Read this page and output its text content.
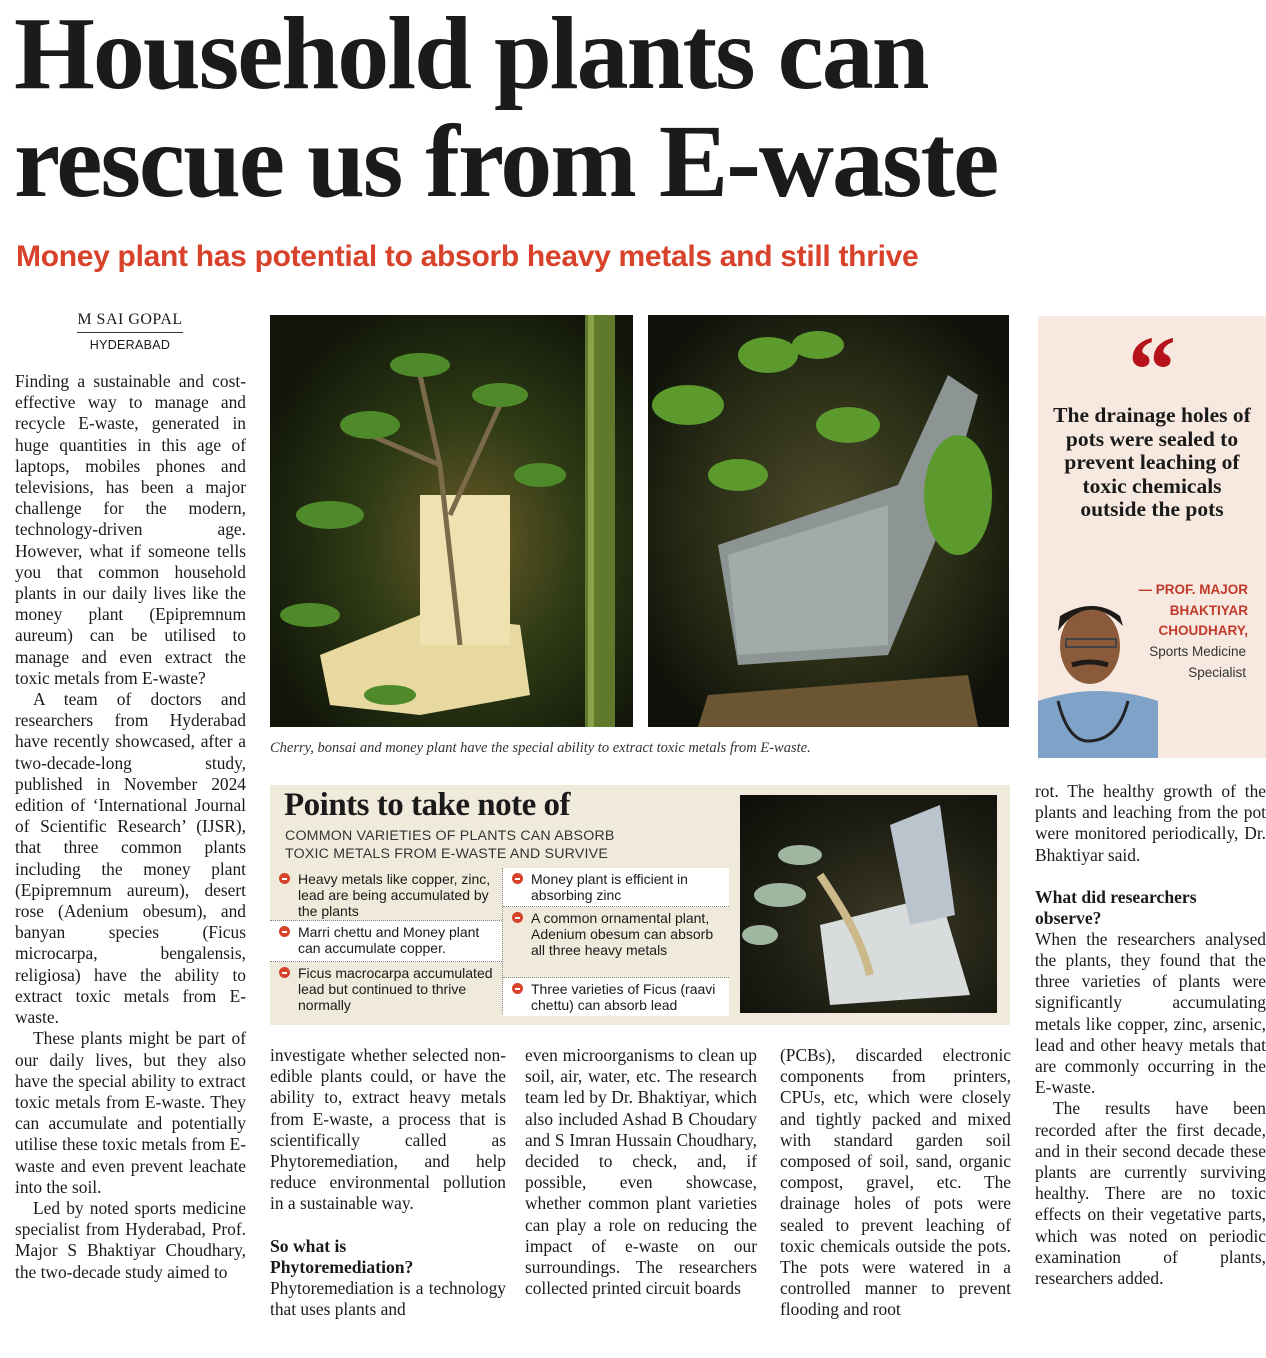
Household plants can
rescue us from E-waste
Money plant has potential to absorb heavy metals and still thrive
M SAI GOPAL
HYDERABAD

Finding a sustainable and cost-effective way to manage and recycle E-waste, generated in huge quantities in this age of laptops, mobiles phones and televisions, has been a major challenge for the modern, technology-driven age. However, what if someone tells you that common household plants in our daily lives like the money plant (Epipremnum aureum) can be utilised to manage and even extract the toxic metals from E-waste?

A team of doctors and researchers from Hyderabad have recently showcased, after a two-decade-long study, published in November 2024 edition of ‘International Journal of Scientific Research’ (IJSR), that three common plants including the money plant (Epipremnum aureum), desert rose (Adenium obesum), and banyan species (Ficus microcarpa, bengalensis, religiosa) have the ability to extract toxic metals from E-waste.

These plants might be part of our daily lives, but they also have the special ability to extract toxic metals from E-waste. They can accumulate and potentially utilise these toxic metals from E-waste and even prevent leachate into the soil.

Led by noted sports medicine specialist from Hyderabad, Prof. Major S Bhaktiyar Choudhary, the two-decade study aimed to

Cherry, bonsai and money plant have the special ability to extract toxic metals from E-waste.
Points to take note of
COMMON VARIETIES OF PLANTS CAN ABSORB
TOXIC METALS FROM E-WASTE AND SURVIVE
Heavy metals like copper, zinc, lead are being accumulated by the plants
Marri chettu and Money plant can accumulate copper.
Ficus macrocarpa accumulated lead but continued to thrive normally
Money plant is efficient in absorbing zinc
A common ornamental plant, Adenium obesum can absorb all three heavy metals
Three varieties of Ficus (raavi chettu) can absorb lead
“
The drainage holes of pots were sealed to prevent leaching of toxic chemicals outside the pots
— PROF. MAJOR
BHAKTIYAR
CHOUDHARY,
Sports Medicine
Specialist

investigate whether selected non-edible plants could, or have the ability to, extract heavy metals from E-waste, a process that is scientifically called as Phytoremediation, and help reduce environmental pollution in a sustainable way.

So what is
Phytoremediation?

Phytoremediation is a technology that uses plants and

even microorganisms to clean up soil, air, water, etc. The research team led by Dr. Bhaktiyar, which also included Ashad B Choudary and S Imran Hussain Choudhary, decided to check, and, if possible, even showcase, whether common plant varieties can play a role on reducing the impact of e-waste on our surroundings. The researchers collected printed circuit boards

(PCBs), discarded electronic components from printers, CPUs, etc, which were closely and tightly packed and mixed with standard garden soil composed of soil, sand, organic compost, gravel, etc. The drainage holes of pots were sealed to prevent leaching of toxic chemicals outside the pots. The pots were watered in a controlled manner to prevent flooding and root

rot. The healthy growth of the plants and leaching from the pot were monitored periodically, Dr. Bhaktiyar said.

What did researchers
observe?

When the researchers analysed the plants, they found that the three varieties of plants were significantly accumulating metals like copper, zinc, arsenic, lead and other heavy metals that are commonly occurring in the E-waste.

The results have been recorded after the first decade, and in their second decade these plants are currently surviving healthy. There are no toxic effects on their vegetative parts, which was noted on periodic examination of plants, researchers added.
